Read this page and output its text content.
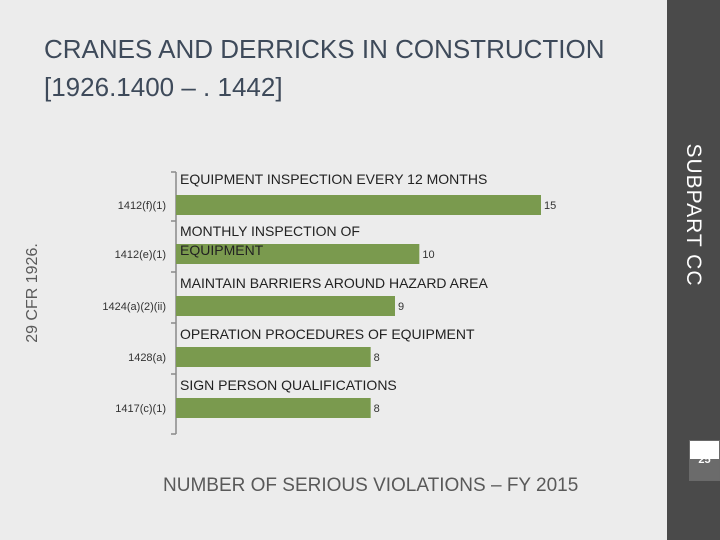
CRANES AND DERRICKS IN CONSTRUCTION [1926.1400 – . 1442]
SUBPART CC
29 CFR 1926.
15
1412(f)(1)
EQUIPMENT INSPECTION EVERY 12 MONTHS
10
1412(e)(1)
MONTHLY INSPECTION OF
EQUIPMENT
9
1424(a)(2)(ii)
MAINTAIN BARRIERS AROUND HAZARD AREA
8
1428(a)
OPERATION PROCEDURES OF EQUIPMENT
8
1417(c)(1)
SIGN PERSON QUALIFICATIONS
25
NUMBER OF SERIOUS VIOLATIONS – FY 2015
